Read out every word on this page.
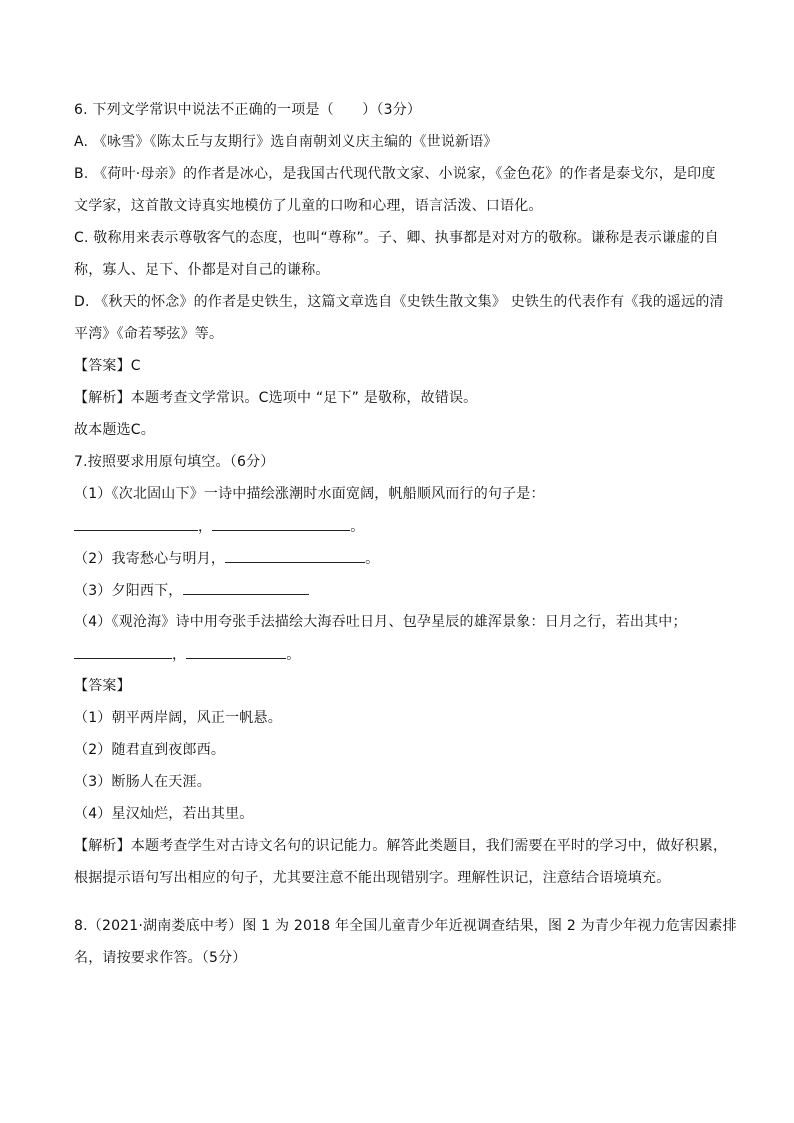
6. 下列文学常识中说法不正确的一项是（　　）（3分）
A. 《咏雪》《陈太丘与友期行》选自南朝刘义庆主编的《世说新语》
B. 《荷叶·母亲》的作者是冰心，是我国古代现代散文家、小说家，《金色花》的作者是泰戈尔，是印度
文学家，这首散文诗真实地模仿了儿童的口吻和心理，语言活泼、口语化。
C. 敬称用来表示尊敬客气的态度，也叫“尊称”。子、卿、执事都是对对方的敬称。谦称是表示谦虚的自
称，寡人、足下、仆都是对自己的谦称。
D. 《秋天的怀念》的作者是史铁生，这篇文章选自《史铁生散文集》 史铁生的代表作有《我的遥远的清
平湾》《命若琴弦》等。
【答案】C
【解析】本题考查文学常识。C选项中 “足下” 是敬称，故错误。
故本题选C。
7.按照要求用原句填空。（6分）
（1）《次北固山下》一诗中描绘涨潮时水面宽阔，帆船顺风而行的句子是：
，	。
（2）我寄愁心与明月，	。
（3）夕阳西下，
（4）《观沧海》诗中用夸张手法描绘大海吞吐日月、包孕星辰的雄浑景象：日月之行，若出其中；
，	。
【答案】
（1）朝平两岸阔，风正一帆悬。
（2）随君直到夜郎西。
（3）断肠人在天涯。
（4）星汉灿烂，若出其里。
【解析】本题考查学生对古诗文名句的识记能力。解答此类题目，我们需要在平时的学习中，做好积累，
根据提示语句写出相应的句子，尤其要注意不能出现错别字。理解性识记，注意结合语境填充。
8.（2021·湖南娄底中考）图 1 为 2018 年全国儿童青少年近视调查结果，图 2 为青少年视力危害因素排
名，请按要求作答。（5分）
